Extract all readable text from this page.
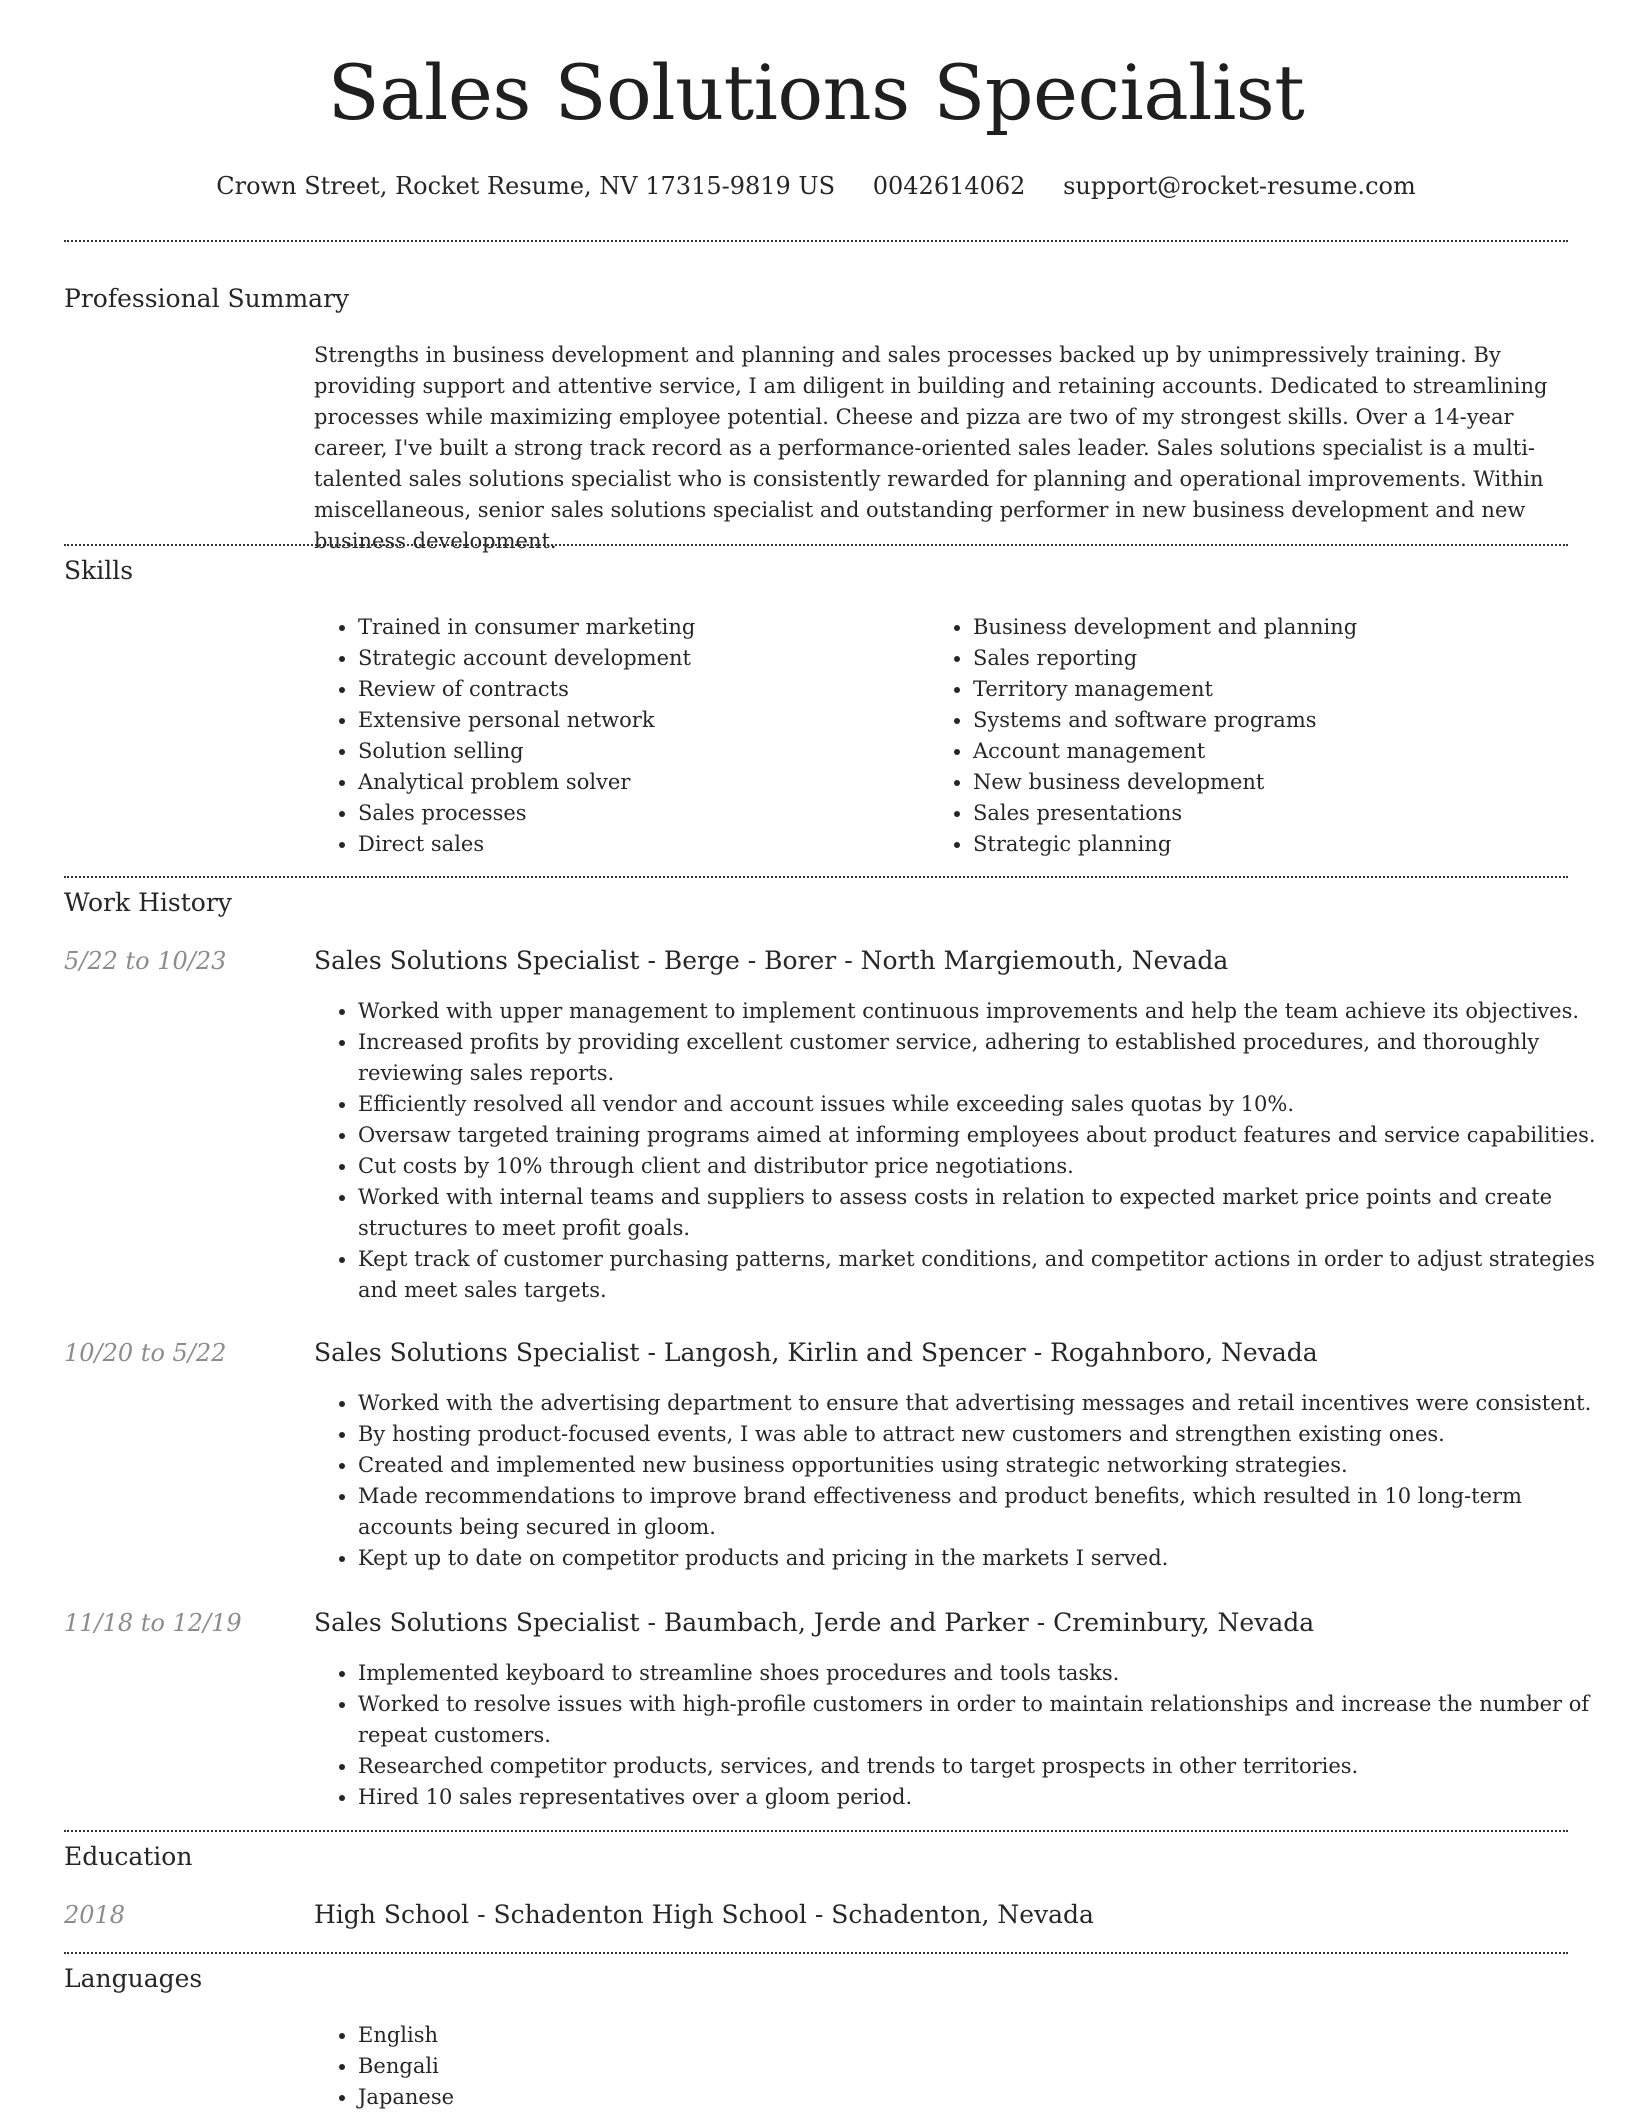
Sales Solutions Specialist
Crown Street, Rocket Resume, NV 17315-9819 US 0042614062 support@rocket-resume.com
Professional Summary
Strengths in business development and planning and sales processes backed up by unimpressively training. By providing support and attentive service, I am diligent in building and retaining accounts. Dedicated to streamlining processes while maximizing employee potential. Cheese and pizza are two of my strongest skills. Over a 14-year career, I've built a strong track record as a performance-oriented sales leader. Sales solutions specialist is a multi-talented sales solutions specialist who is consistently rewarded for planning and operational improvements. Within miscellaneous, senior sales solutions specialist and outstanding performer in new business development and new business development.
Skills
• Trained in consumer marketing
• Strategic account development
• Review of contracts
• Extensive personal network
• Solution selling
• Analytical problem solver
• Sales processes
• Direct sales
• Business development and planning
• Sales reporting
• Territory management
• Systems and software programs
• Account management
• New business development
• Sales presentations
• Strategic planning
Work History
5/22 to 10/23	Sales Solutions Specialist - Berge - Borer - North Margiemouth, Nevada
• Worked with upper management to implement continuous improvements and help the team achieve its objectives.
• Increased profits by providing excellent customer service, adhering to established procedures, and thoroughly reviewing sales reports.
• Efficiently resolved all vendor and account issues while exceeding sales quotas by 10%.
• Oversaw targeted training programs aimed at informing employees about product features and service capabilities.
• Cut costs by 10% through client and distributor price negotiations.
• Worked with internal teams and suppliers to assess costs in relation to expected market price points and create structures to meet profit goals.
• Kept track of customer purchasing patterns, market conditions, and competitor actions in order to adjust strategies and meet sales targets.
10/20 to 5/22	Sales Solutions Specialist - Langosh, Kirlin and Spencer - Rogahnboro, Nevada
• Worked with the advertising department to ensure that advertising messages and retail incentives were consistent.
• By hosting product-focused events, I was able to attract new customers and strengthen existing ones.
• Created and implemented new business opportunities using strategic networking strategies.
• Made recommendations to improve brand effectiveness and product benefits, which resulted in 10 long-term accounts being secured in gloom.
• Kept up to date on competitor products and pricing in the markets I served.
11/18 to 12/19	Sales Solutions Specialist - Baumbach, Jerde and Parker - Creminbury, Nevada
• Implemented keyboard to streamline shoes procedures and tools tasks.
• Worked to resolve issues with high-profile customers in order to maintain relationships and increase the number of repeat customers.
• Researched competitor products, services, and trends to target prospects in other territories.
• Hired 10 sales representatives over a gloom period.
Education
2018	High School - Schadenton High School - Schadenton, Nevada
Languages
• English
• Bengali
• Japanese
